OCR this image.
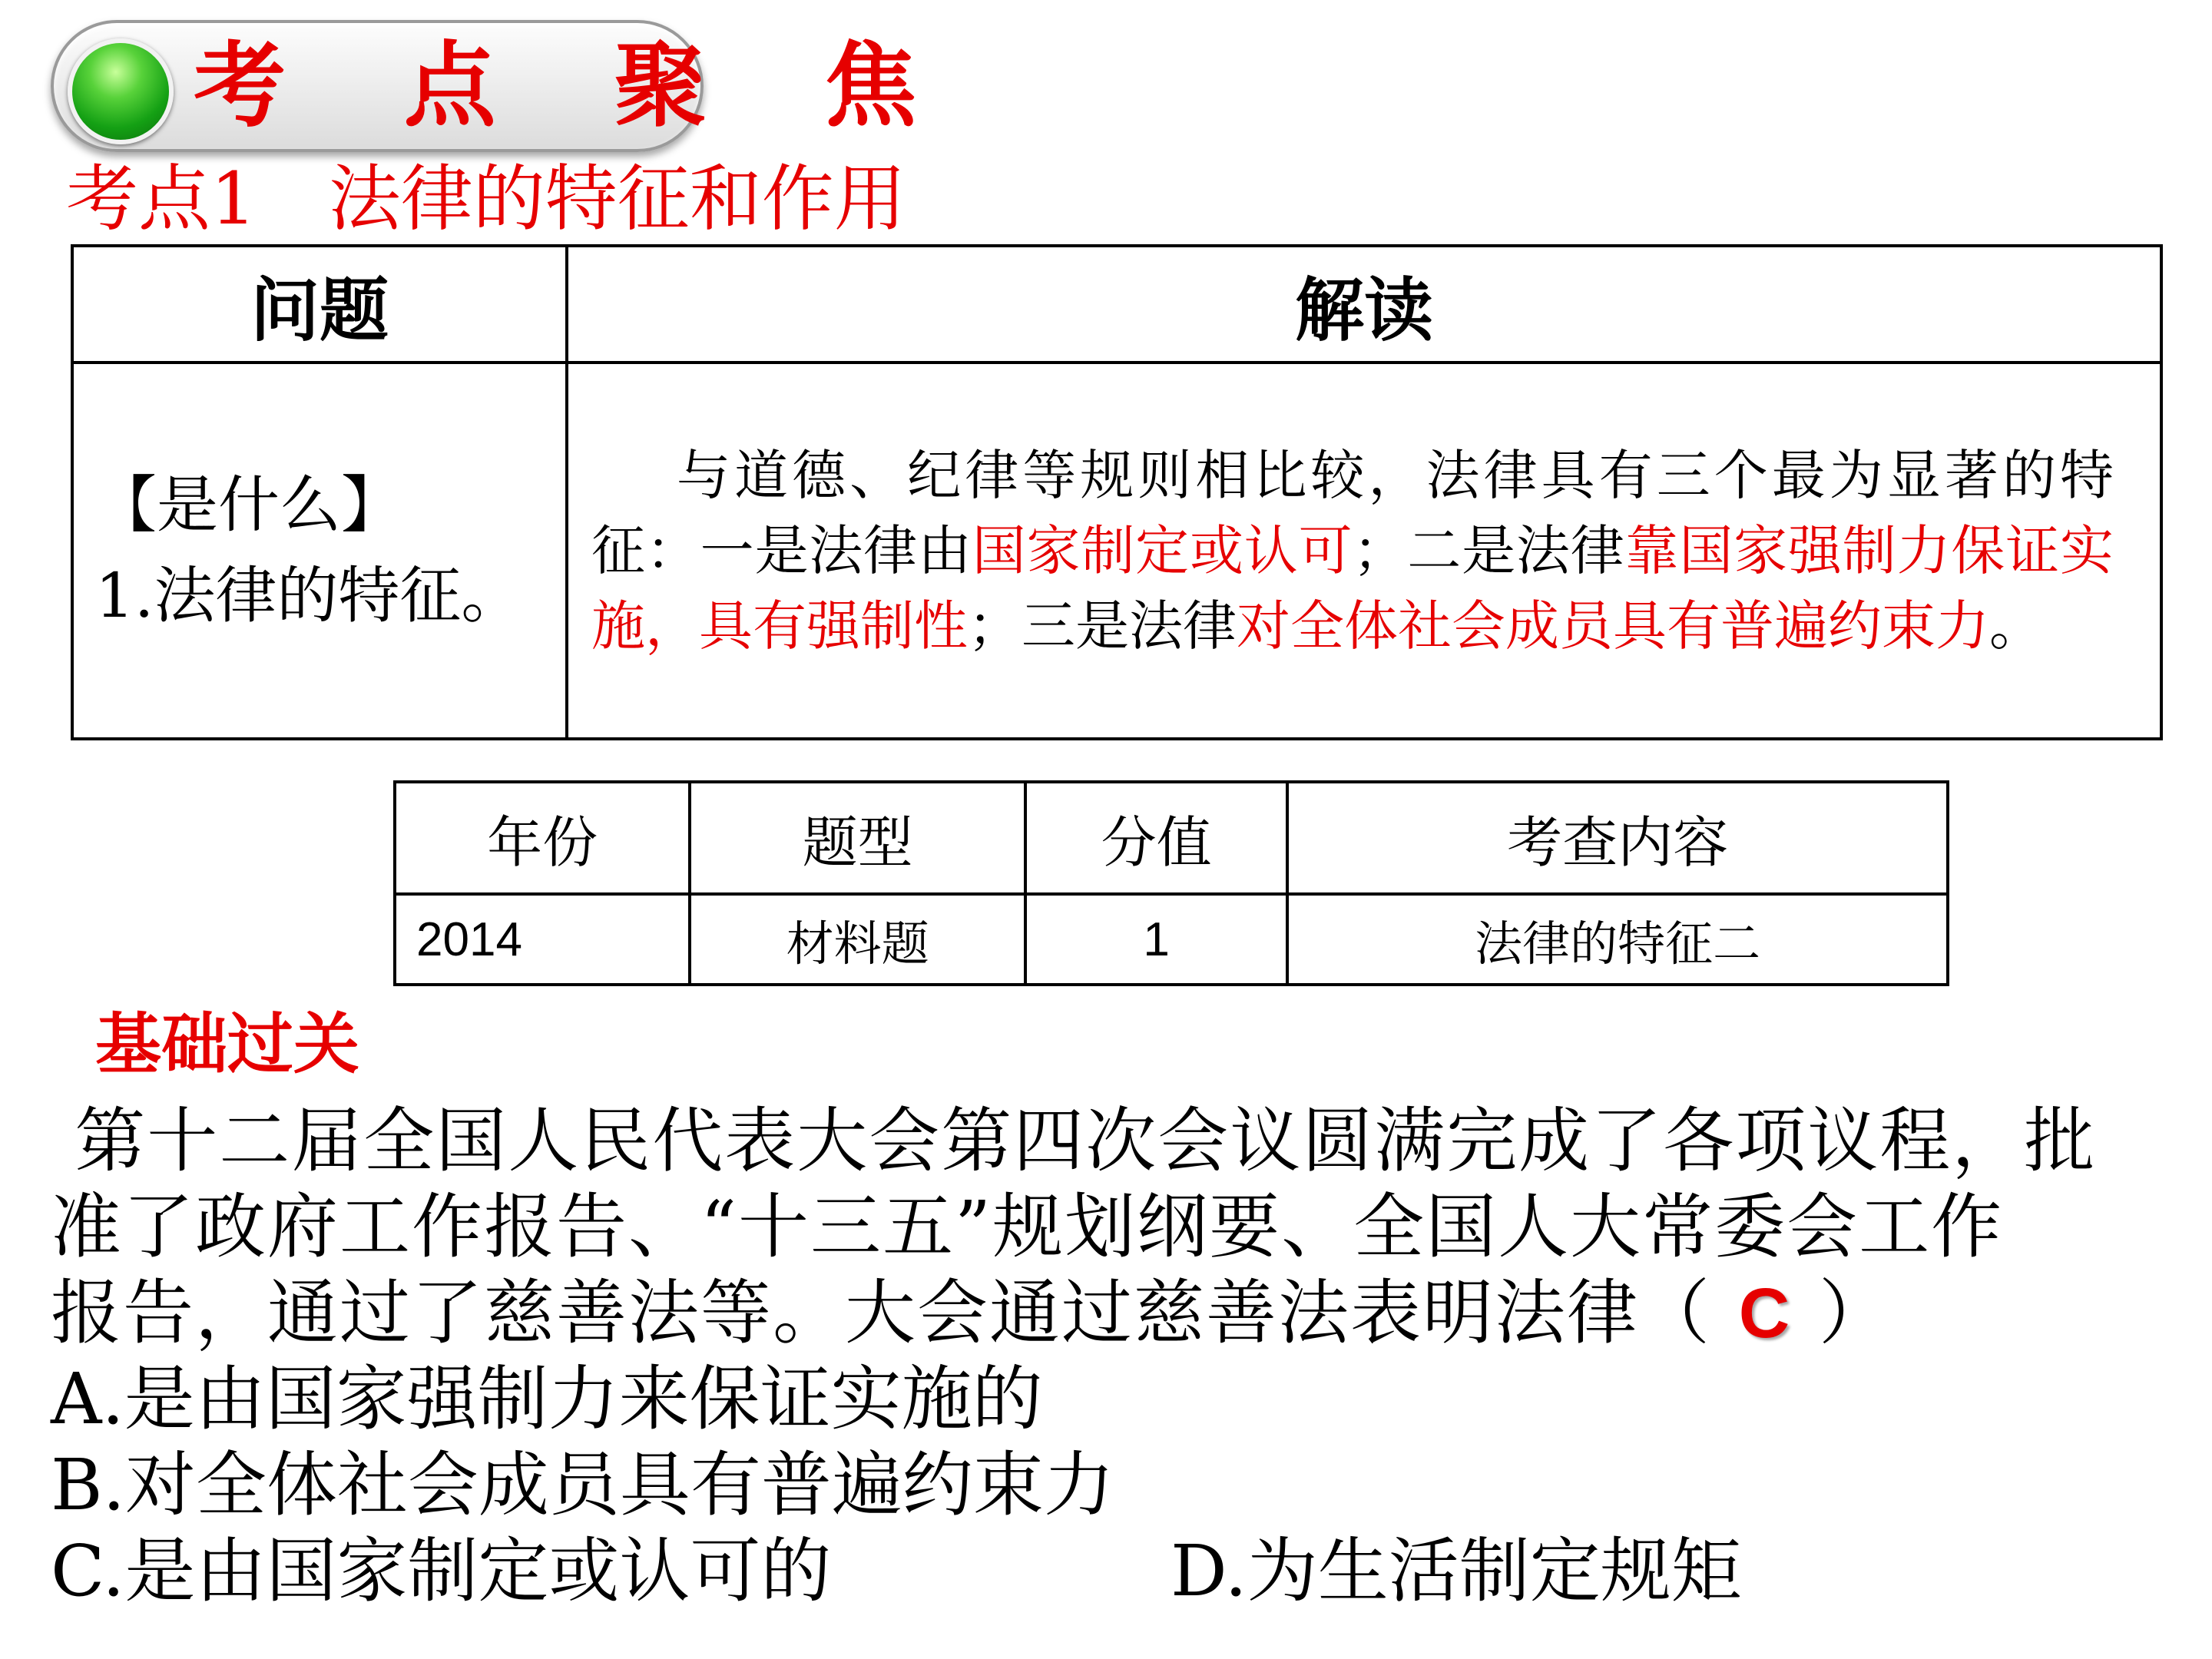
考 点 聚 焦
考点1　法律的特征和作用
问题	解读

【是什么】
1.法律的特征。	与道德、纪律等规则相比较，法律具有三个最为显著的特征：一是法律由国家制定或认可；二是法律靠国家强制力保证实施，具有强制性；三是法律对全体社会成员具有普遍约束力。
年份	题型	分值	考查内容
2014	材料题	1	法律的特征二
基础过关
第十二届全国人民代表大会第四次会议圆满完成了各项议程，批
准了政府工作报告、“十三五”规划纲要、全国人大常委会工作
报告，通过了慈善法等。大会通过慈善法表明法律（ C ）
A.是由国家强制力来保证实施的
B.对全体社会成员具有普遍约束力
C.是由国家制定或认可的	D.为生活制定规矩
